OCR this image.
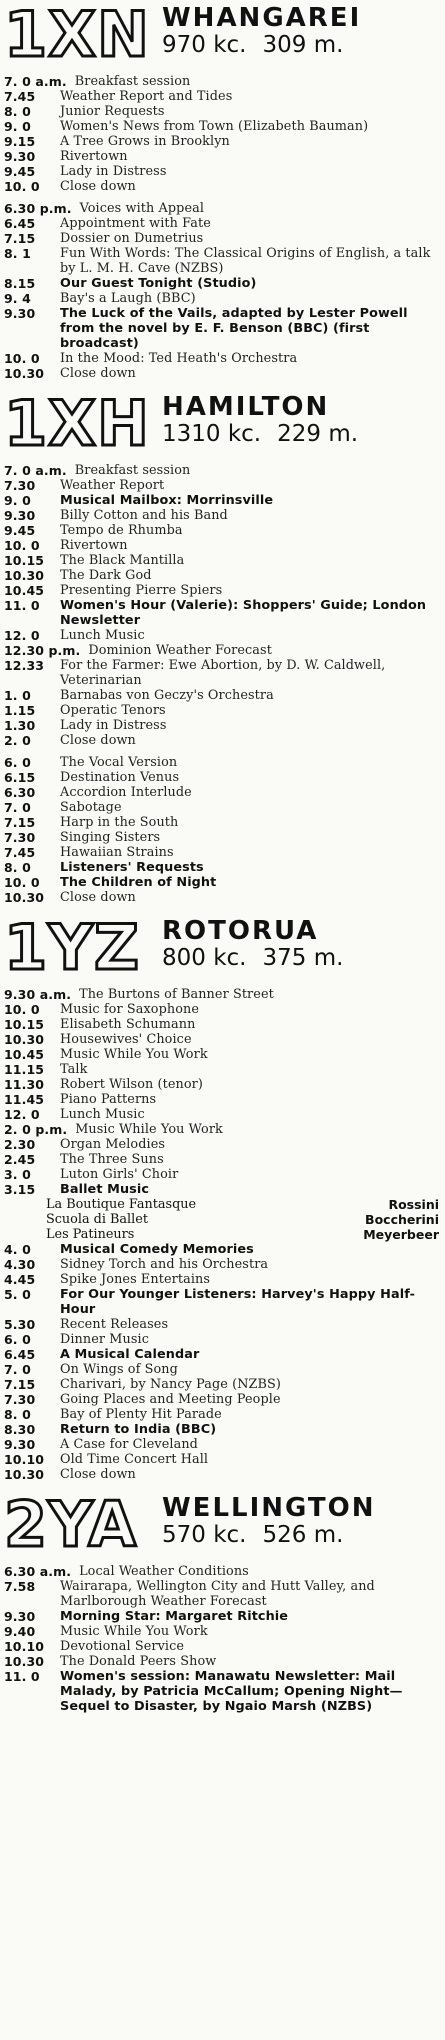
1XN WHANGAREI
970 kc. 309 m.
7. 0 a.m. Breakfast session
7.45	Weather Report and Tides
8. 0	Junior Requests
9. 0	Women's News from Town (Elizabeth Bauman)
9.15	A Tree Grows in Brooklyn
9.30	Rivertown
9.45	Lady in Distress
10. 0	Close down
6.30 p.m. Voices with Appeal
6.45	Appointment with Fate
7.15	Dossier on Dumetrius
8. 1	Fun With Words: The Classical Origins of English, a talk by L. M. H. Cave (NZBS)
8.15	Our Guest Tonight (Studio)
9. 4	Bay's a Laugh (BBC)
9.30	The Luck of the Vails, adapted by Lester Powell from the novel by E. F. Benson (BBC) (first broadcast)
10. 0	In the Mood: Ted Heath's Orchestra
10.30	Close down
1XH HAMILTON
1310 kc. 229 m.
7. 0 a.m. Breakfast session
7.30	Weather Report
9. 0	Musical Mailbox: Morrinsville
9.30	Billy Cotton and his Band
9.45	Tempo de Rhumba
10. 0	Rivertown
10.15	The Black Mantilla
10.30	The Dark God
10.45	Presenting Pierre Spiers
11. 0	Women's Hour (Valerie): Shoppers' Guide; London Newsletter
12. 0	Lunch Music
12.30 p.m. Dominion Weather Forecast
12.33	For the Farmer: Ewe Abortion, by D. W. Caldwell, Veterinarian
1. 0	Barnabas von Geczy's Orchestra
1.15	Operatic Tenors
1.30	Lady in Distress
2. 0	Close down
6. 0	The Vocal Version
6.15	Destination Venus
6.30	Accordion Interlude
7. 0	Sabotage
7.15	Harp in the South
7.30	Singing Sisters
7.45	Hawaiian Strains
8. 0	Listeners' Requests
10. 0	The Children of Night
10.30	Close down
1YZ ROTORUA
800 kc. 375 m.
9.30 a.m. The Burtons of Banner Street
10. 0	Music for Saxophone
10.15	Elisabeth Schumann
10.30	Housewives' Choice
10.45	Music While You Work
11.15	Talk
11.30	Robert Wilson (tenor)
11.45	Piano Patterns
12. 0	Lunch Music
2. 0 p.m. Music While You Work
2.30	Organ Melodies
2.45	The Three Suns
3. 0	Luton Girls' Choir
3.15	Ballet Music
La Boutique Fantasque	Rossini
Scuola di Ballet	Boccherini
Les Patineurs	Meyerbeer
4. 0	Musical Comedy Memories
4.30	Sidney Torch and his Orchestra
4.45	Spike Jones Entertains
5. 0	For Our Younger Listeners: Harvey's Happy Half-Hour
5.30	Recent Releases
6. 0	Dinner Music
6.45	A Musical Calendar
7. 0	On Wings of Song
7.15	Charivari, by Nancy Page (NZBS)
7.30	Going Places and Meeting People
8. 0	Bay of Plenty Hit Parade
8.30	Return to India (BBC)
9.30	A Case for Cleveland
10.10	Old Time Concert Hall
10.30	Close down
2YA WELLINGTON
570 kc. 526 m.
6.30 a.m. Local Weather Conditions
7.58	Wairarapa, Wellington City and Hutt Valley, and Marlborough Weather Forecast
9.30	Morning Star: Margaret Ritchie
9.40	Music While You Work
10.10	Devotional Service
10.30	The Donald Peers Show
11. 0	Women's session: Manawatu Newsletter: Mail Malady, by Patricia McCallum; Opening Night—Sequel to Disaster, by Ngaio Marsh (NZBS)
